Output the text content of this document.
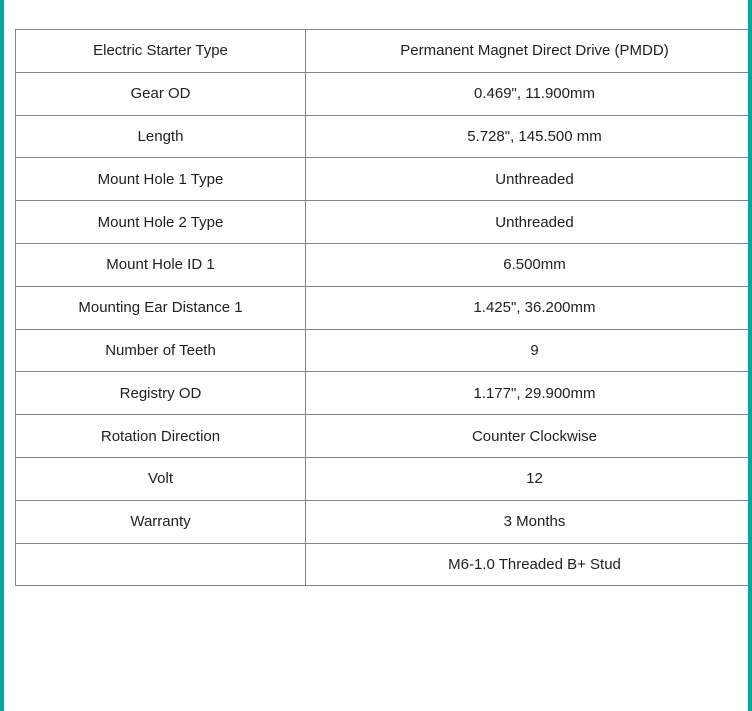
Electric Starter Type	Permanent Magnet Direct Drive (PMDD)
Gear OD	0.469", 11.900mm
Length	5.728", 145.500 mm
Mount Hole 1 Type	Unthreaded
Mount Hole 2 Type	Unthreaded
Mount Hole ID 1	6.500mm
Mounting Ear Distance 1	1.425", 36.200mm
Number of Teeth	9
Registry OD	1.177", 29.900mm
Rotation Direction	Counter Clockwise
Volt	12
Warranty	3 Months
	M6-1.0 Threaded B+ Stud
